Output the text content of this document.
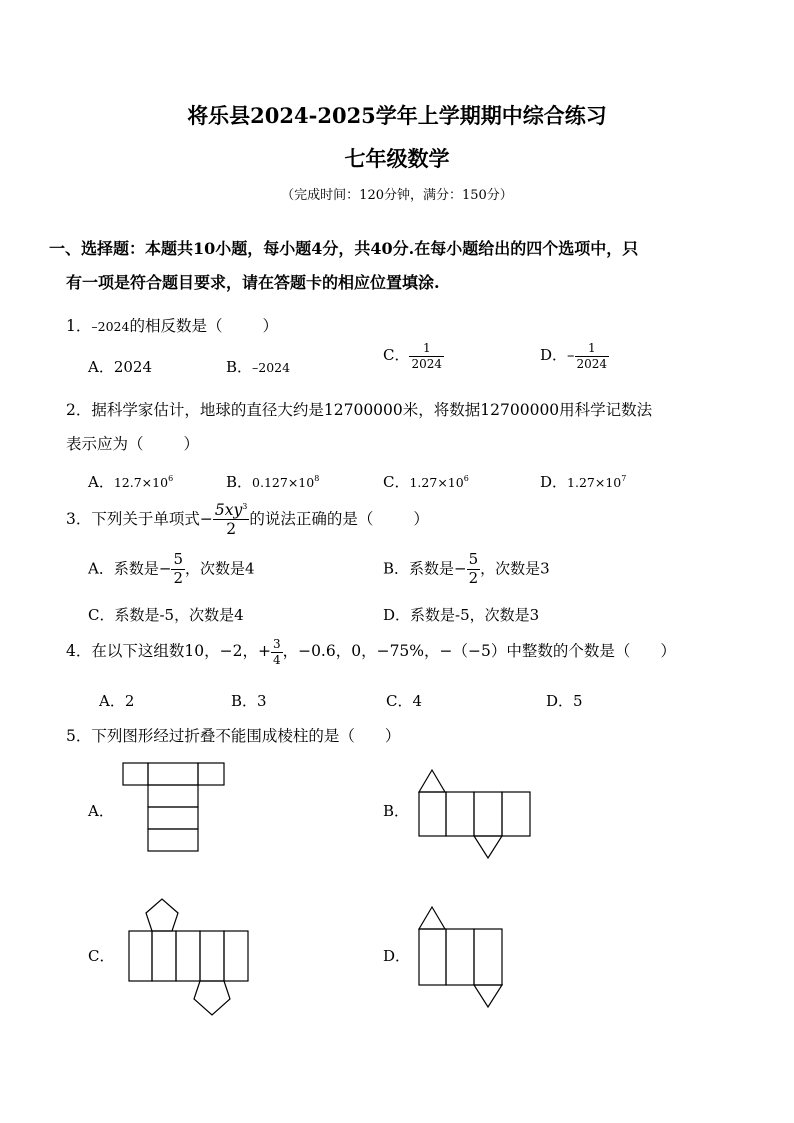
将乐县2024-2025学年上学期期中综合练习
七年级数学
（完成时间：120分钟，满分：150分）
一、选择题：本题共10小题，每小题4分，共40分.在每小题给出的四个选项中，只
有一项是符合题目要求，请在答题卡的相应位置填涂.
1．–2024的相反数是（	）
A．2024	B．–2024
C． $\frac{1}{2024}$	D．– $\frac{1}{2024}$
2．据科学家估计，地球的直径大约是12700000米，将数据12700000用科学记数法
表示应为（	）
A．$12.7\times 10^6$	B．$0.127\times 10^8$	C．$1.27\times 10^6$	D．$1.27\times 10^7$
3．下列关于单项式− $\frac{5xy^3}{2}$ 的说法正确的是（	）
A．系数是− $\frac{5}{2}$ ，次数是4	B．系数是− $\frac{5}{2}$ ，次数是3
C．系数是-5，次数是4	D．系数是-5，次数是3
4．在以下这组数10，−2，+ $\frac{3}{4}$ ，−0.6，0，−75%，−（−5）中整数的个数是（ ）
A．2	B．3	C．4	D．5
5．下列图形经过折叠不能围成棱柱的是（ ）
A．	B．
C．	D．
